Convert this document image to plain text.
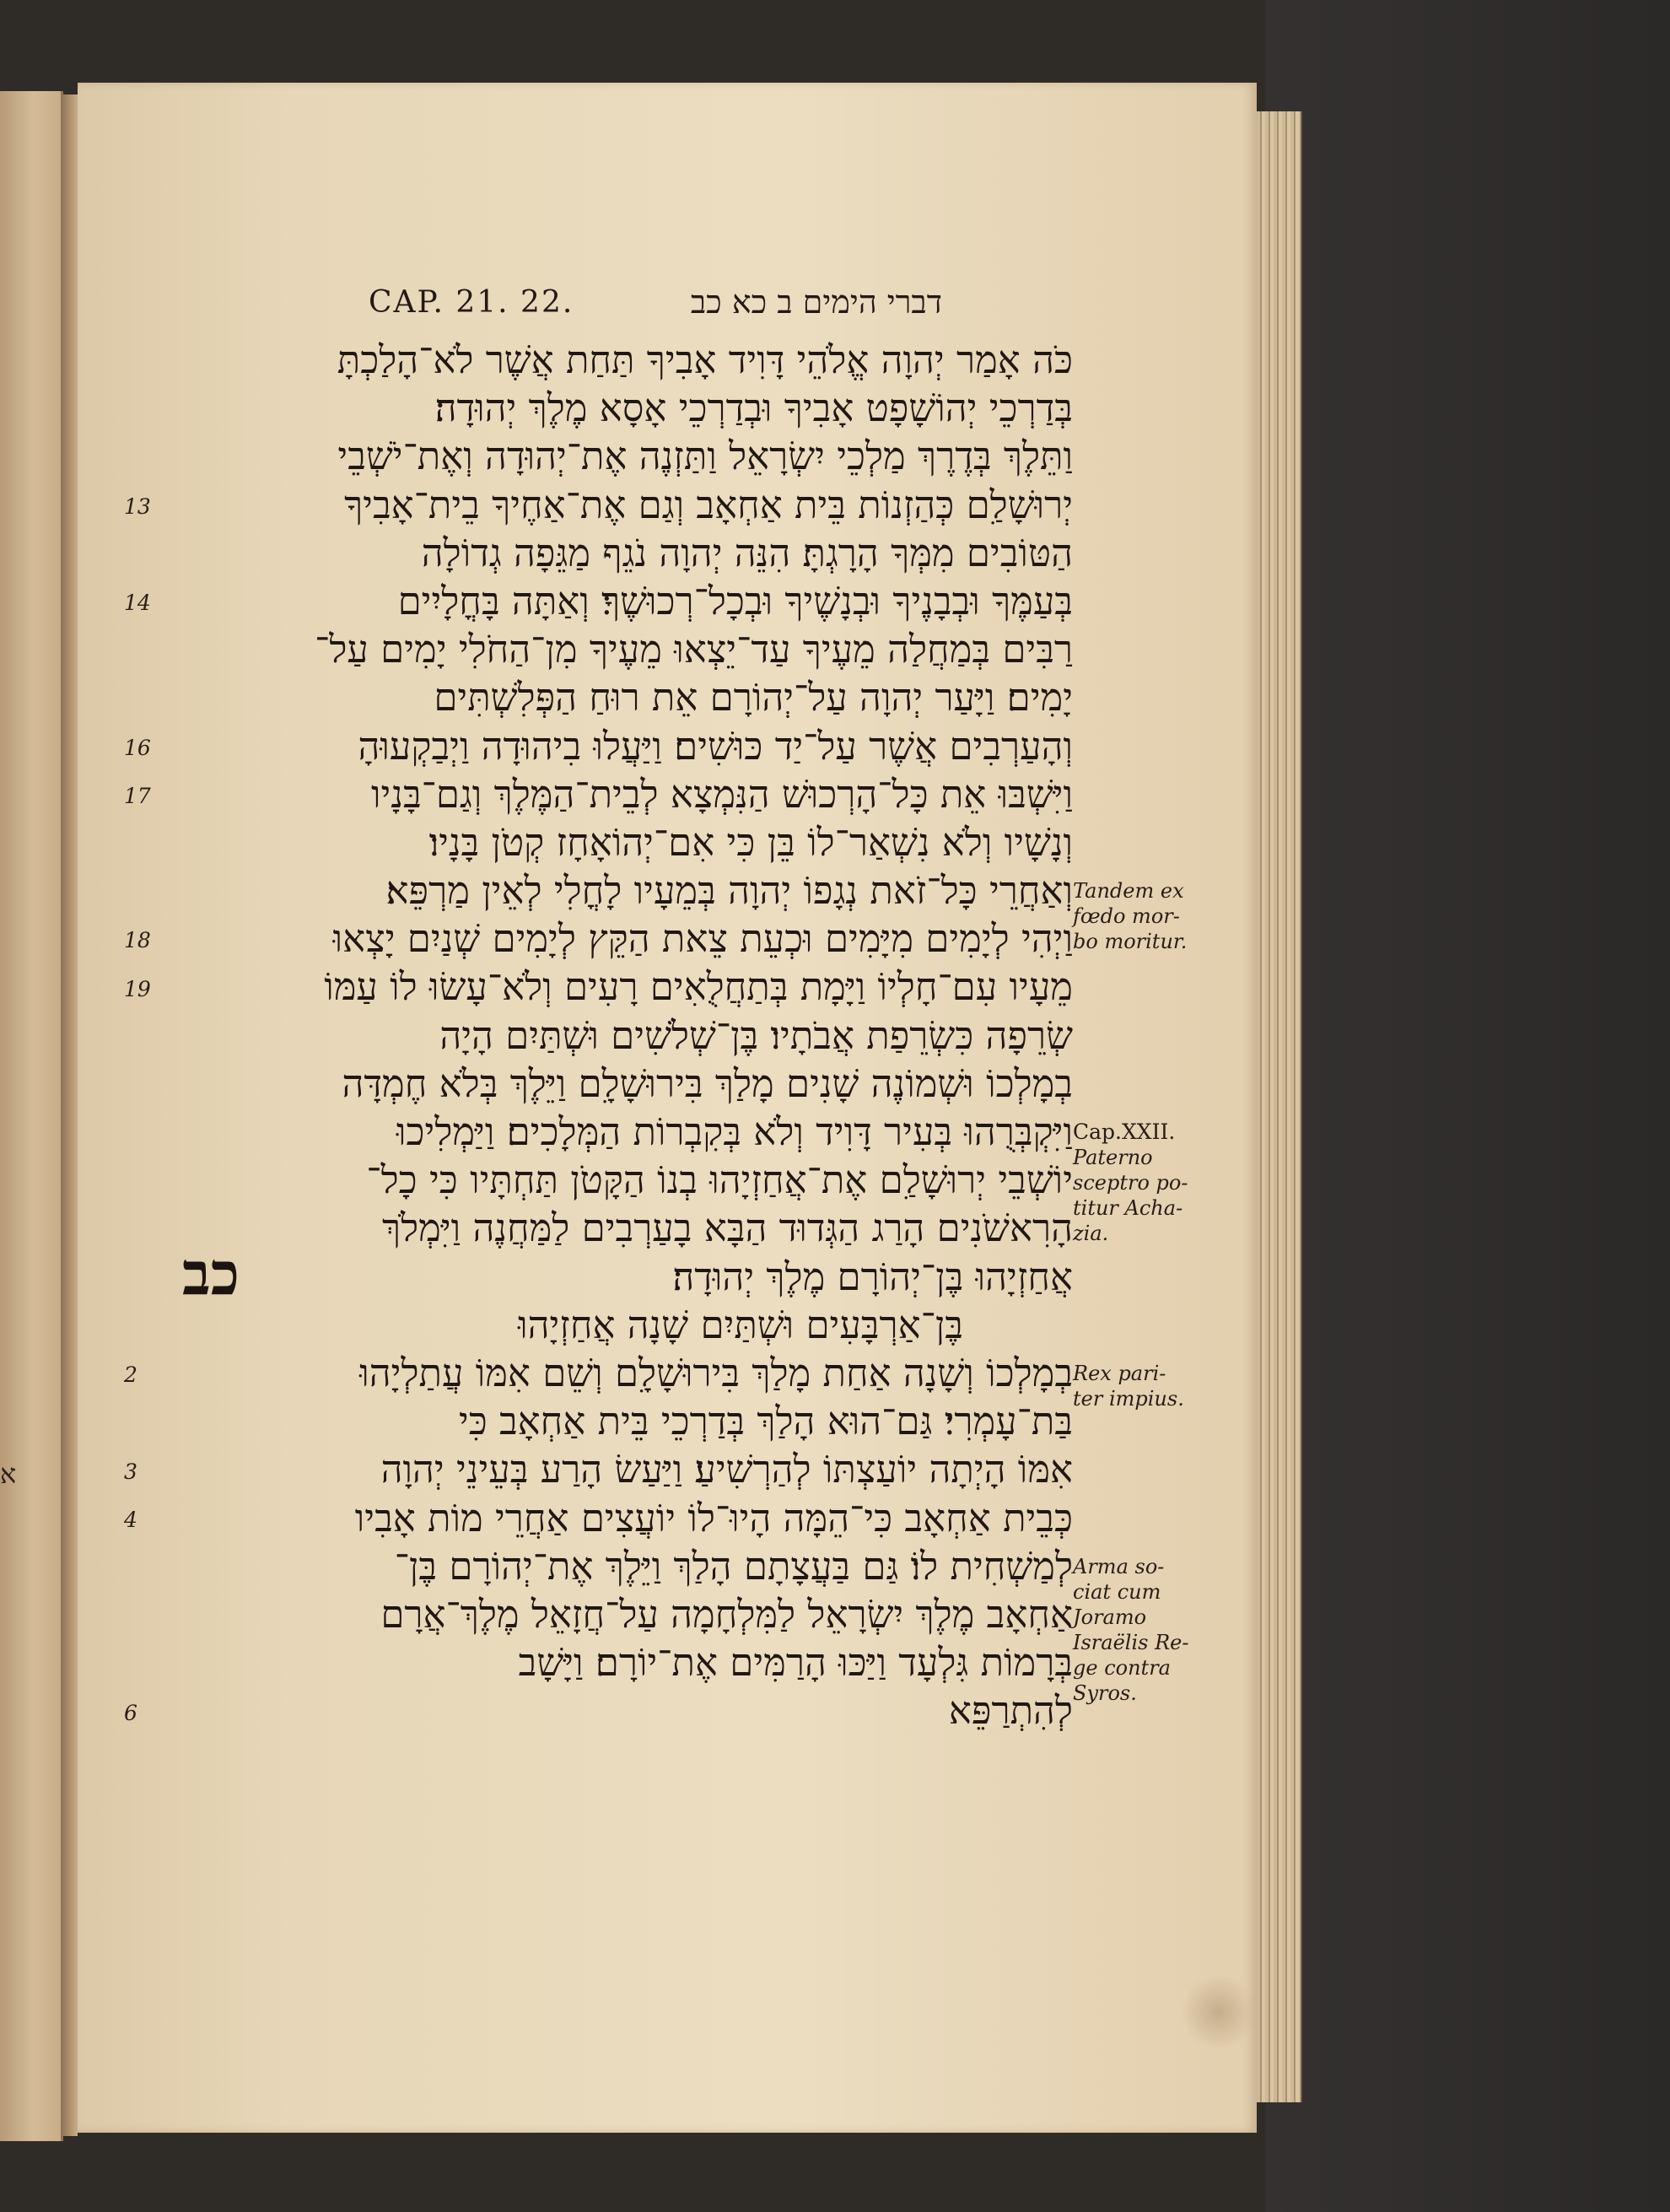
א
CAP. 21. 22.	דברי הימים ב כא כב
כב
כֹּה אָמַר יְהוָה אֱלֹהֵי דָּוִיד אָבִיךָ תַּחַת אֲשֶׁר לֹא־הָלַכְתָּ
בְּדַרְכֵי יְהוֹשָׁפָט אָבִיךָ וּבְדַרְכֵי אָסָא מֶלֶךְ יְהוּדָה׃
וַתֵּלֶךְ בְּדֶרֶךְ מַלְכֵי יִשְׂרָאֵל וַתַּזְנֶה אֶת־יְהוּדָה וְאֶת־יֹשְׁבֵי
יְרוּשָׁלִַם כְּהַזְנוֹת בֵּית אַחְאָב וְגַם אֶת־אַחֶיךָ בֵית־אָבִיךָ
הַטּוֹבִים מִמְּךָ הָרָגְתָּ׃ הִנֵּה יְהוָה נֹגֵף מַגֵּפָה גְדוֹלָה
בְּעַמֶּךָ וּבְבָנֶיךָ וּבְנָשֶׁיךָ וּבְכָל־רְכוּשֶׁךָ׃ וְאַתָּה בָּחֳלָיִים
רַבִּים בְּמַחֲלַה מֵעֶיךָ עַד־יֵצְאוּ מֵעֶיךָ מִן־הַחֹלִי יָמִים עַל־
יָמִים׃ וַיָּעַר יְהוָה עַל־יְהוֹרָם אֵת רוּחַ הַפְּלִשְׁתִּים
וְהָעַרְבִים אֲשֶׁר עַל־יַד כּוּשִׁים׃ וַיַּעֲלוּ בִיהוּדָה וַיְבַקְעוּהָ
וַיִּשְׁבּוּ אֵת כָּל־הָרְכוּשׁ הַנִּמְצָא לְבֵית־הַמֶּלֶךְ וְגַם־בָּנָיו
וְנָשָׁיו וְלֹא נִשְׁאַר־לוֹ בֵּן כִּי אִם־יְהוֹאָחָז קְטֹן בָּנָיו׃
וְאַחֲרֵי כָּל־זֹאת נְגָפוֹ יְהוָה בְּמֵעָיו לָחֳלִי לְאֵין מַרְפֵּא׃
וַיְהִי לְיָמִים מִיָּמִים וּכְעֵת צֵאת הַקֵּץ לְיָמִים שְׁנַיִם יָצְאוּ
מֵעָיו עִם־חָלְיוֹ וַיָּמָת בְּתַחֲלֻאִים רָעִים וְלֹא־עָשׂוּ לוֹ עַמּוֹ
שְׂרֵפָה כִּשְׂרֵפַת אֲבֹתָיו׃ בֶּן־שְׁלֹשִׁים וּשְׁתַּיִם הָיָה
בְמָלְכוֹ וּשְׁמוֹנֶה שָׁנִים מָלַךְ בִּירוּשָׁלִָם וַיֵּלֶךְ בְּלֹא חֶמְדָּה
וַיִּקְבְּרֻהוּ בְּעִיר דָּוִיד וְלֹא בְּקִבְרוֹת הַמְּלָכִים׃ וַיַּמְלִיכוּ
יוֹשְׁבֵי יְרוּשָׁלִַם אֶת־אֲחַזְיָהוּ בְנוֹ הַקָּטֹן תַּחְתָּיו כִּי כָל־
הָרִאשֹׁנִים הָרַג הַגְּדוּד הַבָּא בָעַרְבִים לַמַּחֲנֶה וַיִּמְלֹךְ
אֲחַזְיָהוּ בֶּן־יְהוֹרָם מֶלֶךְ יְהוּדָה׃
בֶּן־אַרְבָּעִים וּשְׁתַּיִם שָׁנָה אֲחַזְיָהוּ
בְמָלְכוֹ וְשָׁנָה אַחַת מָלַךְ בִּירוּשָׁלִָם וְשֵׁם אִמּוֹ עֲתַלְיָהוּ
בַּת־עָמְרִי׃ גַּם־הוּא הָלַךְ בְּדַרְכֵי בֵּית אַחְאָב כִּי
אִמּוֹ הָיְתָה יוֹעַצְתּוֹ לְהַרְשִׁיעַ׃ וַיַּעַשׂ הָרַע בְּעֵינֵי יְהוָה
כְּבֵית אַחְאָב כִּי־הֵמָּה הָיוּ־לוֹ יוֹעֲצִים אַחֲרֵי מוֹת אָבִיו
לְמַשְׁחִית לוֹ׃ גַּם בַּעֲצָתָם הָלַךְ וַיֵּלֶךְ אֶת־יְהוֹרָם בֶּן־
אַחְאָב מֶלֶךְ יִשְׂרָאֵל לַמִּלְחָמָה עַל־חֲזָאֵל מֶלֶךְ־אֲרָם
בְּרָמוֹת גִּלְעָד וַיַּכּוּ הָרַמִּים אֶת־יוֹרָם׃ וַיָּשָׁב
לְהִתְרַפֵּא
13
14
16
17
18
19
2
3
4
6
Tandem ex
fœdo mor-
bo moritur.
Cap.XXII.
Paterno
sceptro po-
titur Acha-
zia.
Rex pari-
ter impius.
Arma so-
ciat cum
Joramo
Israëlis Re-
ge contra
Syros.
